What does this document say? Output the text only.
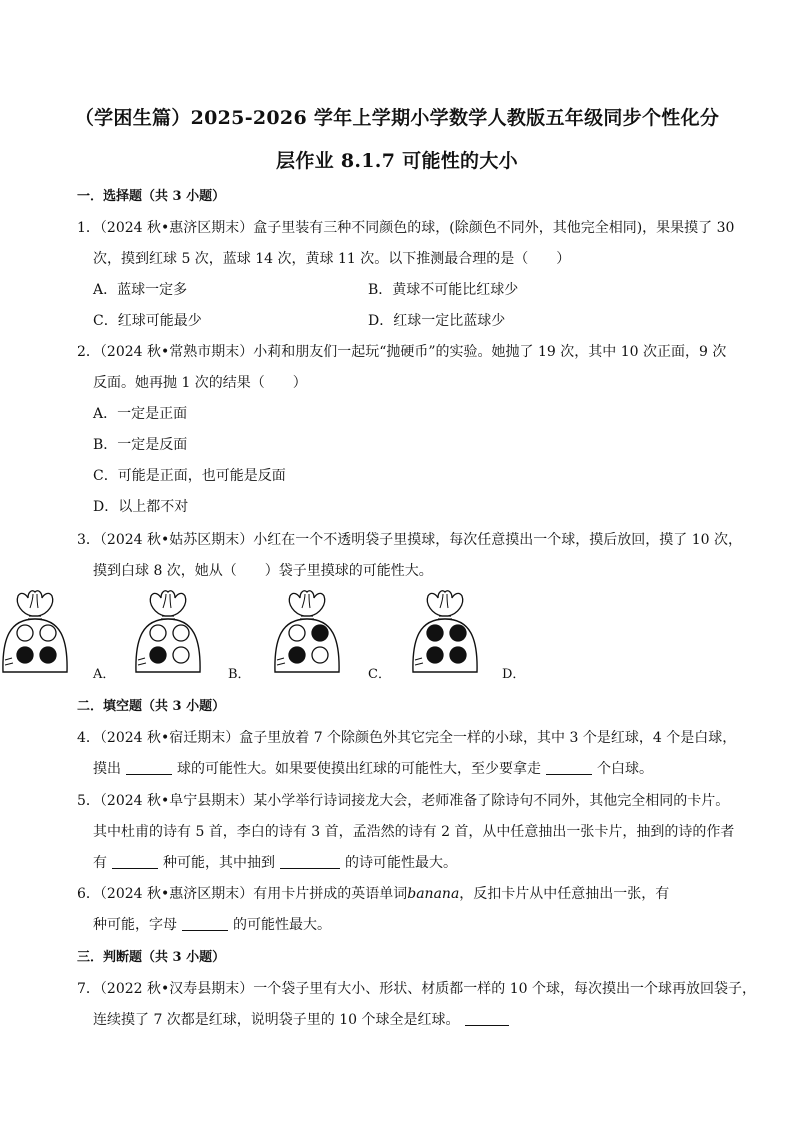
（学困生篇）2025-2026 学年上学期小学数学人教版五年级同步个性化分
层作业 8.1.7 可能性的大小
一．选择题（共 3 小题）
1．（2024 秋•惠济区期末）盒子里装有三种不同颜色的球，(除颜色不同外，其他完全相同)，果果摸了 30
次，摸到红球 5 次，蓝球 14 次，黄球 11 次。以下推测最合理的是（　　）
A．蓝球一定多	B．黄球不可能比红球少
C．红球可能最少	D．红球一定比蓝球少
2．（2024 秋•常熟市期末）小莉和朋友们一起玩“抛硬币”的实验。她抛了 19 次，其中 10 次正面，9 次
反面。她再抛 1 次的结果（　　）
A．一定是正面
B．一定是反面
C．可能是正面，也可能是反面
D．以上都不对
3．（2024 秋•姑苏区期末）小红在一个不透明袋子里摸球，每次任意摸出一个球，摸后放回，摸了 10 次，
摸到白球 8 次，她从（　　）袋子里摸球的可能性大。
A．	B．	C．	D．
二．填空题（共 3 小题）
4．（2024 秋•宿迁期末）盒子里放着 7 个除颜色外其它完全一样的小球，其中 3 个是红球，4 个是白球，
摸出	球的可能性大。如果要使摸出红球的可能性大，至少要拿走	个白球。
5．（2024 秋•阜宁县期末）某小学举行诗词接龙大会，老师准备了除诗句不同外，其他完全相同的卡片。
其中杜甫的诗有 5 首，李白的诗有 3 首，孟浩然的诗有 2 首，从中任意抽出一张卡片，抽到的诗的作者
有	种可能，其中抽到	的诗可能性最大。
6．（2024 秋•惠济区期末）有用卡片拼成的英语单词banana，反扣卡片从中任意抽出一张，有
种可能，字母	的可能性最大。
三．判断题（共 3 小题）
7．（2022 秋•汉寿县期末）一个袋子里有大小、形状、材质都一样的 10 个球，每次摸出一个球再放回袋子，
连续摸了 7 次都是红球，说明袋子里的 10 个球全是红球。
